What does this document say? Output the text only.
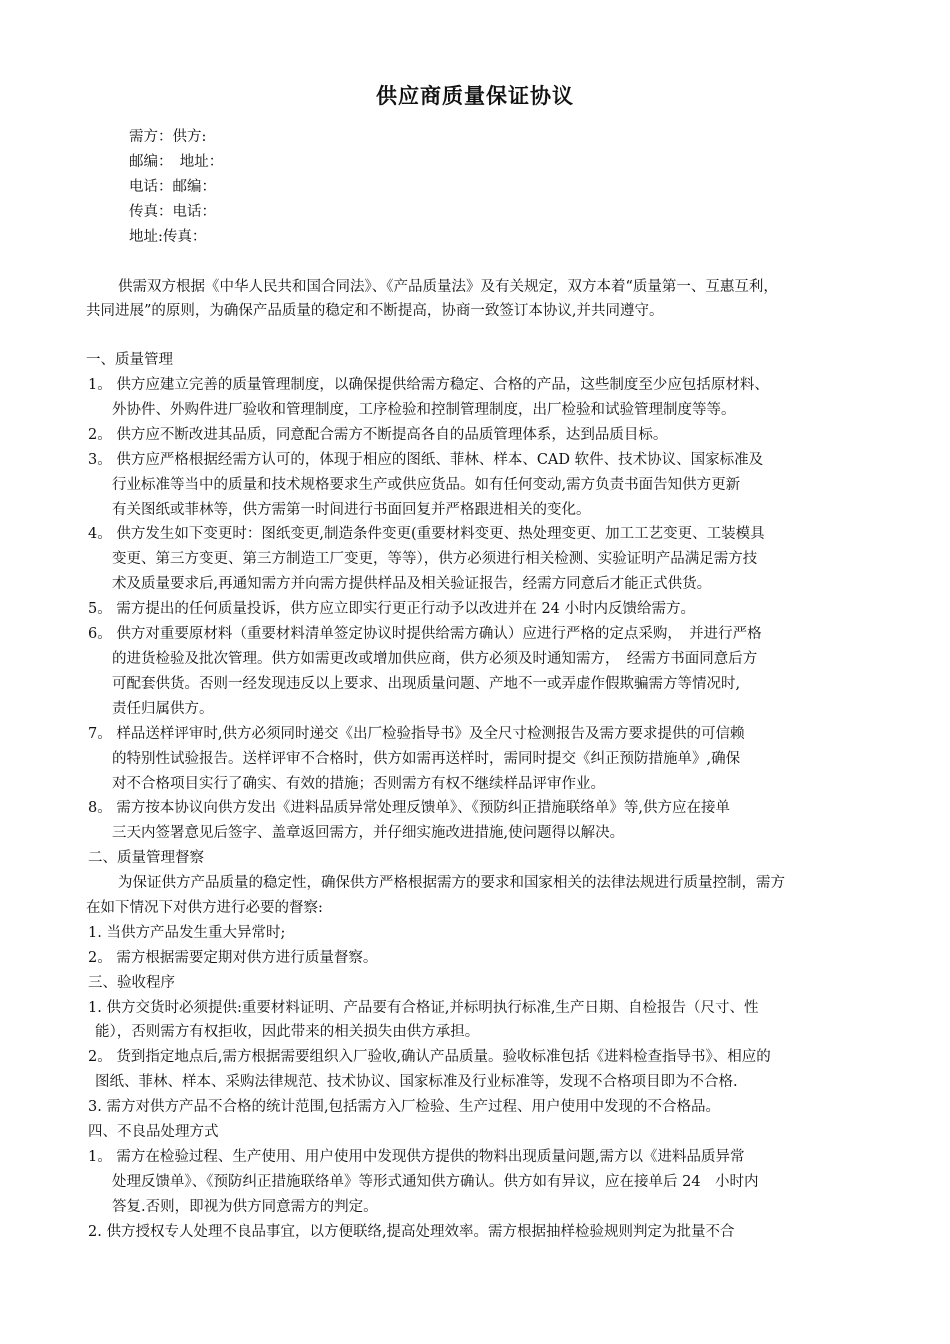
供应商质量保证协议
需方：供方:
邮编：　地址：
电话：邮编：
传真：电话：
地址:传真：
供需双方根据《中华人民共和国合同法》、《产品质量法》及有关规定，双方本着“质量第一、互惠互利，
共同进展”的原则，为确保产品质量的稳定和不断提高，协商一致签订本协议,并共同遵守。
一、质量管理
1。 供方应建立完善的质量管理制度，以确保提供给需方稳定、合格的产品，这些制度至少应包括原材料、
外协件、外购件进厂验收和管理制度，工序检验和控制管理制度，出厂检验和试验管理制度等等。
2。 供方应不断改进其品质，同意配合需方不断提高各自的品质管理体系，达到品质目标。
3。 供方应严格根据经需方认可的，体现于相应的图纸、菲林、样本、CAD 软件、技术协议、国家标准及
行业标准等当中的质量和技术规格要求生产或供应货品。如有任何变动,需方负责书面告知供方更新
有关图纸或菲林等，供方需第一时间进行书面回复并严格跟进相关的变化。
4。 供方发生如下变更时：图纸变更,制造条件变更(重要材料变更、热处理变更、加工工艺变更、工装模具
变更、第三方变更、第三方制造工厂变更，等等），供方必须进行相关检测、实验证明产品满足需方技
术及质量要求后,再通知需方并向需方提供样品及相关验证报告，经需方同意后才能正式供货。
5。 需方提出的任何质量投诉，供方应立即实行更正行动予以改进并在 24 小时内反馈给需方。
6。 供方对重要原材料（重要材料清单签定协议时提供给需方确认）应进行严格的定点采购，　并进行严格
的进货检验及批次管理。供方如需更改或增加供应商，供方必须及时通知需方，　经需方书面同意后方
可配套供货。否则一经发现违反以上要求、出现质量问题、产地不一或弄虚作假欺骗需方等情况时,
责任归属供方。
7。 样品送样评审时,供方必须同时递交《出厂检验指导书》及全尺寸检测报告及需方要求提供的可信赖
的特别性试验报告。送样评审不合格时，供方如需再送样时，需同时提交《纠正预防措施单》,确保
对不合格项目实行了确实、有效的措施；否则需方有权不继续样品评审作业。
8。 需方按本协议向供方发出《进料品质异常处理反馈单》、《预防纠正措施联络单》等,供方应在接单
三天内签署意见后签字、盖章返回需方，并仔细实施改进措施,使问题得以解决。
二、质量管理督察
为保证供方产品质量的稳定性，确保供方严格根据需方的要求和国家相关的法律法规进行质量控制，需方
在如下情况下对供方进行必要的督察:
1. 当供方产品发生重大异常时;
2。 需方根据需要定期对供方进行质量督察。
三、验收程序
1. 供方交货时必须提供:重要材料证明、产品要有合格证,并标明执行标准,生产日期、自检报告（尺寸、性
能），否则需方有权拒收，因此带来的相关损失由供方承担。
2。 货到指定地点后,需方根据需要组织入厂验收,确认产品质量。验收标准包括《进料检查指导书》、相应的
图纸、菲林、样本、采购法律规范、技术协议、国家标准及行业标准等，发现不合格项目即为不合格.
3. 需方对供方产品不合格的统计范围,包括需方入厂检验、生产过程、用户使用中发现的不合格品。
四、不良品处理方式
1。 需方在检验过程、生产使用、用户使用中发现供方提供的物料出现质量问题,需方以《进料品质异常
处理反馈单》、《预防纠正措施联络单》等形式通知供方确认。供方如有异议，应在接单后 24　小时内
答复.否则，即视为供方同意需方的判定。
2. 供方授权专人处理不良品事宜，以方便联络,提高处理效率。需方根据抽样检验规则判定为批量不合
